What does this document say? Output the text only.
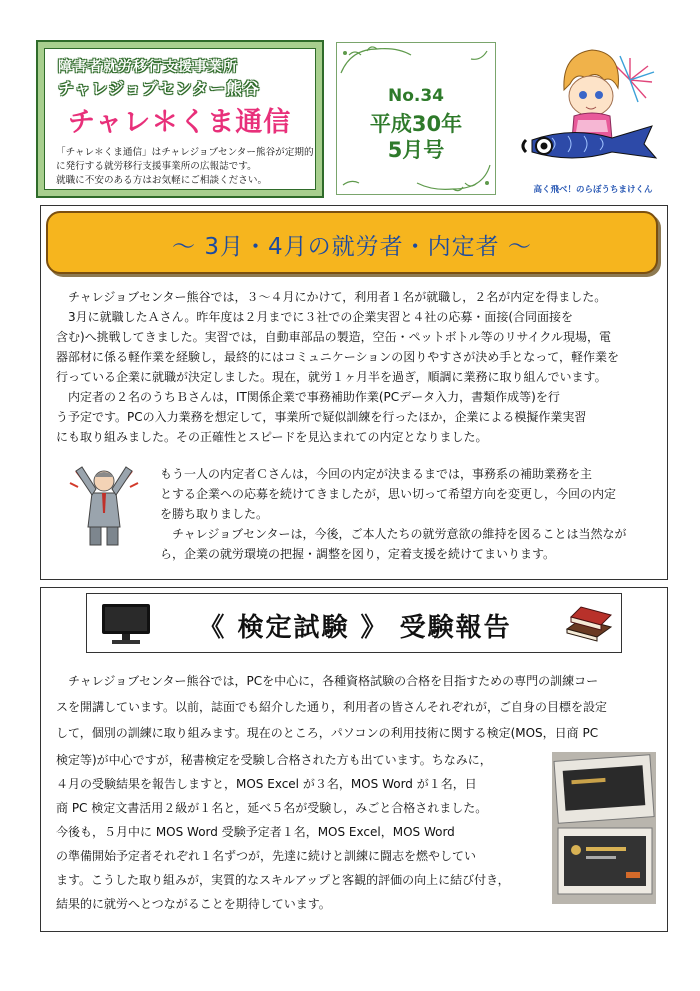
障害者就労移行支援事業所
チャレジョブセンター熊谷
チャレ＊くま通信
「チャレ＊くま通信」はチャレジョブセンター熊谷が定期的
に発行する就労移行支援事業所の広報誌です。
就職に不安のある方はお気軽にご相談ください。
No.34
平成30年
5月号
高く飛べ！のらぼうちまけくん
～ 3月・4月の就労者・内定者 ～
　チャレジョブセンター熊谷では，３～４月にかけて，利用者１名が就職し，２名が内定を得ました。
　3月に就職したＡさん。昨年度は２月までに３社での企業実習と４社の応募・面接(合同面接を
含む)へ挑戦してきました。実習では，自動車部品の製造，空缶・ペットボトル等のリサイクル現場，電
器部材に係る軽作業を経験し，最終的にはコミュニケーションの図りやすさが決め手となって，軽作業を
行っている企業に就職が決定しました。現在，就労１ヶ月半を過ぎ，順調に業務に取り組んでいます。
　内定者の２名のうちＢさんは，IT関係企業で事務補助作業(PCデータ入力，書類作成等)を行
う予定です。PCの入力業務を想定して，事業所で疑似訓練を行ったほか，企業による模擬作業実習
にも取り組みました。その正確性とスピードを見込まれての内定となりました。
もう一人の内定者Ｃさんは，今回の内定が決まるまでは，事務系の補助業務を主
とする企業への応募を続けてきましたが，思い切って希望方向を変更し，今回の内定
を勝ち取りました。
　チャレジョブセンターは，今後，ご本人たちの就労意欲の維持を図ることは当然なが
ら，企業の就労環境の把握・調整を図り，定着支援を続けてまいります。
《 検定試験 》 受験報告
　チャレジョブセンター熊谷では，PCを中心に，各種資格試験の合格を目指すための専門の訓練コー
スを開講しています。以前，誌面でも紹介した通り，利用者の皆さんそれぞれが，ご自身の目標を設定
して，個別の訓練に取り組みます。現在のところ，パソコンの利用技術に関する検定(MOS，日商 PC
検定等)が中心ですが，秘書検定を受験し合格された方も出ています。ちなみに，
４月の受験結果を報告しますと，MOS Excel が３名，MOS Word が１名，日
商 PC 検定文書活用２級が１名と，延べ５名が受験し，みごと合格されました。
今後も，５月中に MOS Word 受験予定者１名，MOS Excel，MOS Word
の準備開始予定者それぞれ１名ずつが，先達に続けと訓練に闘志を燃やしてい
ます。こうした取り組みが，実質的なスキルアップと客観的評価の向上に結び付き，
結果的に就労へとつながることを期待しています。
